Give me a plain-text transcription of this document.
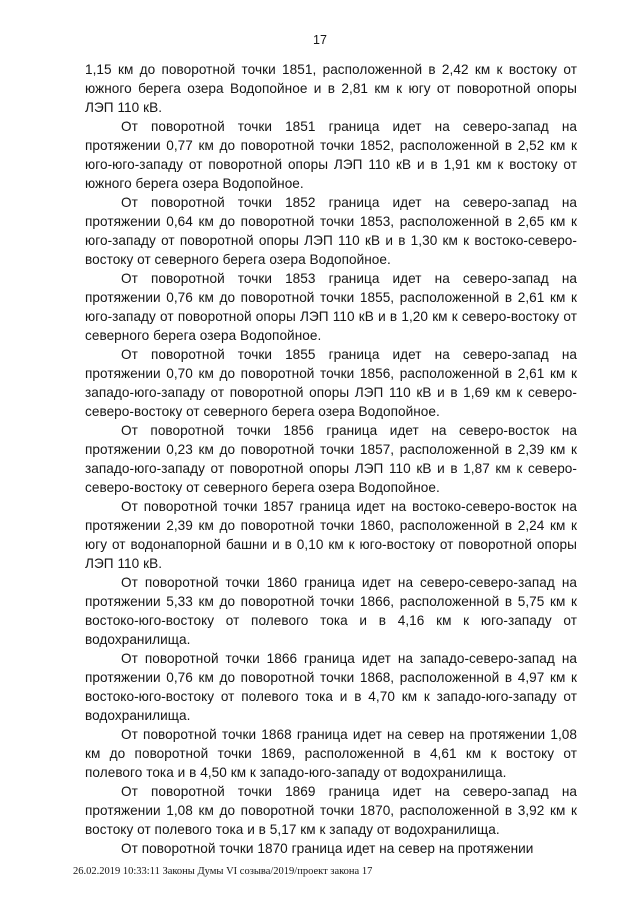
17

1,15 км до поворотной точки 1851, расположенной в 2,42 км к востоку от южного берега озера Водопойное и в 2,81 км к югу от поворотной опоры ЛЭП 110 кВ.

От поворотной точки 1851 граница идет на северо-запад на протяжении 0,77 км до поворотной точки 1852, расположенной в 2,52 км к юго-юго-западу от поворотной опоры ЛЭП 110 кВ и в 1,91 км к востоку от южного берега озера Водопойное.

От поворотной точки 1852 граница идет на северо-запад на протяжении 0,64 км до поворотной точки 1853, расположенной в 2,65 км к юго-западу от поворотной опоры ЛЭП 110 кВ и в 1,30 км к востоко-северо-востоку от северного берега озера Водопойное.

От поворотной точки 1853 граница идет на северо-запад на протяжении 0,76 км до поворотной точки 1855, расположенной в 2,61 км к юго-западу от поворотной опоры ЛЭП 110 кВ и в 1,20 км к северо-востоку от северного берега озера Водопойное.

От поворотной точки 1855 граница идет на северо-запад на протяжении 0,70 км до поворотной точки 1856, расположенной в 2,61 км к западо-юго-западу от поворотной опоры ЛЭП 110 кВ и в 1,69 км к северо-северо-востоку от северного берега озера Водопойное.

От поворотной точки 1856 граница идет на северо-восток на протяжении 0,23 км до поворотной точки 1857, расположенной в 2,39 км к западо-юго-западу от поворотной опоры ЛЭП 110 кВ и в 1,87 км к северо-северо-востоку от северного берега озера Водопойное.

От поворотной точки 1857 граница идет на востоко-северо-восток на протяжении 2,39 км до поворотной точки 1860, расположенной в 2,24 км к югу от водонапорной башни и в 0,10 км к юго-востоку от поворотной опоры ЛЭП 110 кВ.

От поворотной точки 1860 граница идет на северо-северо-запад на протяжении 5,33 км до поворотной точки 1866, расположенной в 5,75 км к востоко-юго-востоку от полевого тока и в 4,16 км к юго-западу от водохранилища.

От поворотной точки 1866 граница идет на западо-северо-запад на протяжении 0,76 км до поворотной точки 1868, расположенной в 4,97 км к востоко-юго-востоку от полевого тока и в 4,70 км к западо-юго-западу от водохранилища.

От поворотной точки 1868 граница идет на север на протяжении 1,08 км до поворотной точки 1869, расположенной в 4,61 км к востоку от полевого тока и в 4,50 км к западо-юго-западу от водохранилища.

От поворотной точки 1869 граница идет на северо-запад на протяжении 1,08 км до поворотной точки 1870, расположенной в 3,92 км к востоку от полевого тока и в 5,17 км к западу от водохранилища.

От поворотной точки 1870 граница идет на север на протяжении

26.02.2019 10:33:11 Законы Думы VI созыва/2019/проект закона 17
